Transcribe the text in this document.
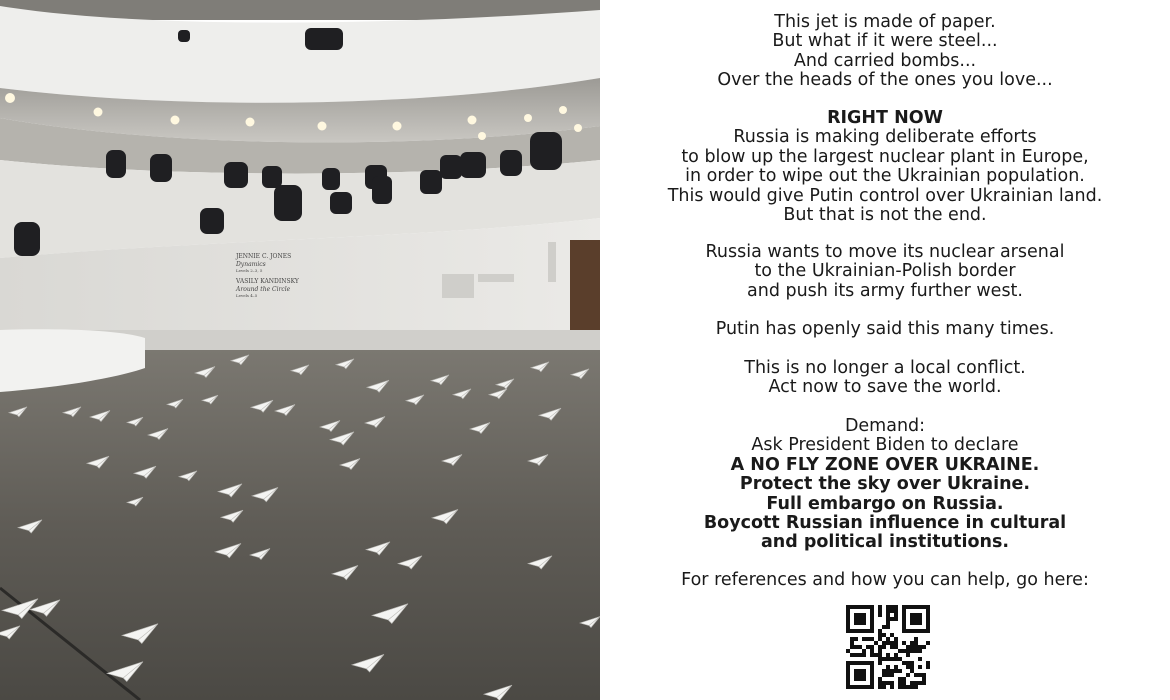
JENNIE C. JONES
Dynamics
Levels 2–3, 5
VASILY KANDINSKY
Around the Circle
Levels 4–5
This jet is made of paper.
But what if it were steel...
And carried bombs...
Over the heads of the ones you love...
RIGHT NOW
Russia is making deliberate efforts
to blow up the largest nuclear plant in Europe,
in order to wipe out the Ukrainian population.
This would give Putin control over Ukrainian land.
But that is not the end.
Russia wants to move its nuclear arsenal
to the Ukrainian-Polish border
and push its army further west.
Putin has openly said this many times.
This is no longer a local conflict.
Act now to save the world.
Demand:
Ask President Biden to declare
A NO FLY ZONE OVER UKRAINE.
Protect the sky over Ukraine.
Full embargo on Russia.
Boycott Russian influence in cultural
and political institutions.
For references and how you can help, go here:
